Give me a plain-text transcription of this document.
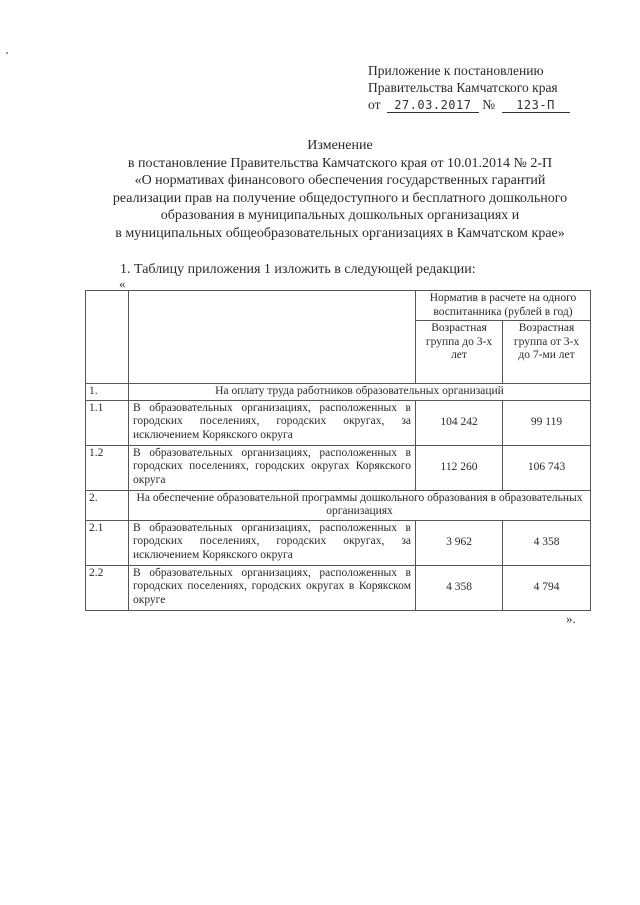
Приложение к постановлению
Правительства Камчатского края
от 27.03.2017 № 123-П
Изменение
в постановление Правительства Камчатского края от 10.01.2014 № 2-П
«О нормативах финансового обеспечения государственных гарантий
реализации прав на получение общедоступного и бесплатного дошкольного
образования в муниципальных дошкольных организациях и
в муниципальных общеобразовательных организациях в Камчатском крае»
1. Таблицу приложения 1 изложить в следующей редакции:
«
		Норматив в расчете на одного воспитанника (рублей в год)	
		Возрастная группа до 3-х лет	Возрастная группа от 3-х до 7-ми лет
1.	На оплату труда работников образовательных организаций		
1.1	В образовательных организациях, расположенных в городских поселениях, городских округах, за исключением Корякского округа	104 242	99 119
1.2	В образовательных организациях, расположенных в городских поселениях, городских округах Корякского округа	112 260	106 743
2.	На обеспечение образовательной программы дошкольного образования в образовательных организациях		
2.1	В образовательных организациях, расположенных в городских поселениях, городских округах, за исключением Корякского округа	3 962	4 358
2.2	В образовательных организациях, расположенных в городских поселениях, городских округах в Корякском округе	4 358	4 794
».
